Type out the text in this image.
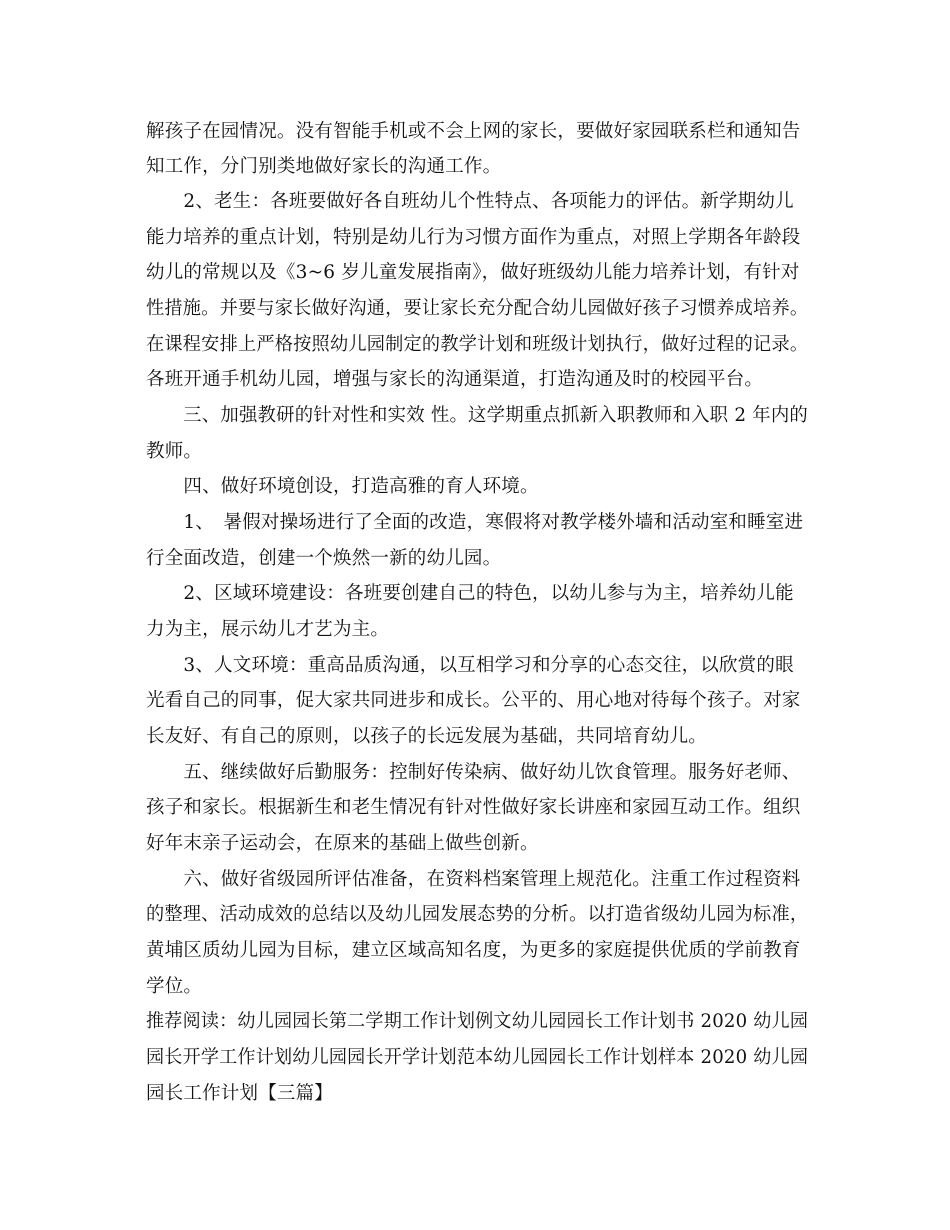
解孩子在园情况。没有智能手机或不会上网的家长，要做好家园联系栏和通知告
知工作，分门别类地做好家长的沟通工作。
　　2、老生：各班要做好各自班幼儿个性特点、各项能力的评估。新学期幼儿
能力培养的重点计划，特别是幼儿行为习惯方面作为重点，对照上学期各年龄段
幼儿的常规以及《3~6 岁儿童发展指南》，做好班级幼儿能力培养计划，有针对
性措施。并要与家长做好沟通，要让家长充分配合幼儿园做好孩子习惯养成培养。
在课程安排上严格按照幼儿园制定的教学计划和班级计划执行，做好过程的记录。
各班开通手机幼儿园，增强与家长的沟通渠道，打造沟通及时的校园平台。
　　三、加强教研的针对性和实效 性。这学期重点抓新入职教师和入职 2 年内的
教师。
　　四、做好环境创设，打造高雅的育人环境。
　　1、　暑假对操场进行了全面的改造，寒假将对教学楼外墙和活动室和睡室进
行全面改造，创建一个焕然一新的幼儿园。
　　2、区域环境建设：各班要创建自己的特色，以幼儿参与为主，培养幼儿能
力为主，展示幼儿才艺为主。
　　3、人文环境：重高品质沟通，以互相学习和分享的心态交往，以欣赏的眼
光看自己的同事，促大家共同进步和成长。公平的、用心地对待每个孩子。对家
长友好、有自己的原则，以孩子的长远发展为基础，共同培育幼儿。
　　五、继续做好后勤服务：控制好传染病、做好幼儿饮食管理。服务好老师、
孩子和家长。根据新生和老生情况有针对性做好家长讲座和家园互动工作。组织
好年末亲子运动会，在原来的基础上做些创新。
　　六、做好省级园所评估准备，在资料档案管理上规范化。注重工作过程资料
的整理、活动成效的总结以及幼儿园发展态势的分析。以打造省级幼儿园为标准，
黄埔区质幼儿园为目标，建立区域高知名度，为更多的家庭提供优质的学前教育
学位。
推荐阅读：幼儿园园长第二学期工作计划例文幼儿园园长工作计划书 2020 幼儿园
园长开学工作计划幼儿园园长开学计划范本幼儿园园长工作计划样本 2020 幼儿园
园长工作计划【三篇】
